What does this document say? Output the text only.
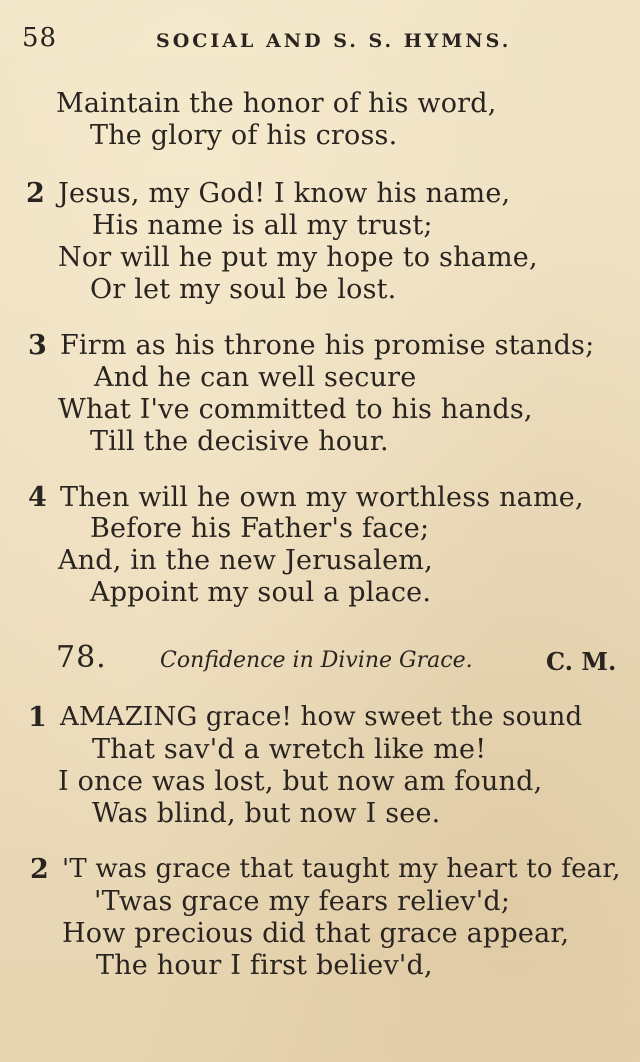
58	SOCIAL AND S. S. HYMNS.
Maintain the honor of his word,
The glory of his cross.
2 Jesus, my God! I know his name,
His name is all my trust;
Nor will he put my hope to shame,
Or let my soul be lost.
3 Firm as his throne his promise stands;
And he can well secure
What I've committed to his hands,
Till the decisive hour.
4 Then will he own my worthless name,
Before his Father's face;
And, in the new Jerusalem,
Appoint my soul a place.
78. Confidence in Divine Grace.	C. M.
1 AMAZING grace! how sweet the sound
That sav'd a wretch like me!
I once was lost, but now am found,
Was blind, but now I see.
2 'T was grace that taught my heart to fear,
'Twas grace my fears reliev'd;
How precious did that grace appear,
The hour I first believ'd,
